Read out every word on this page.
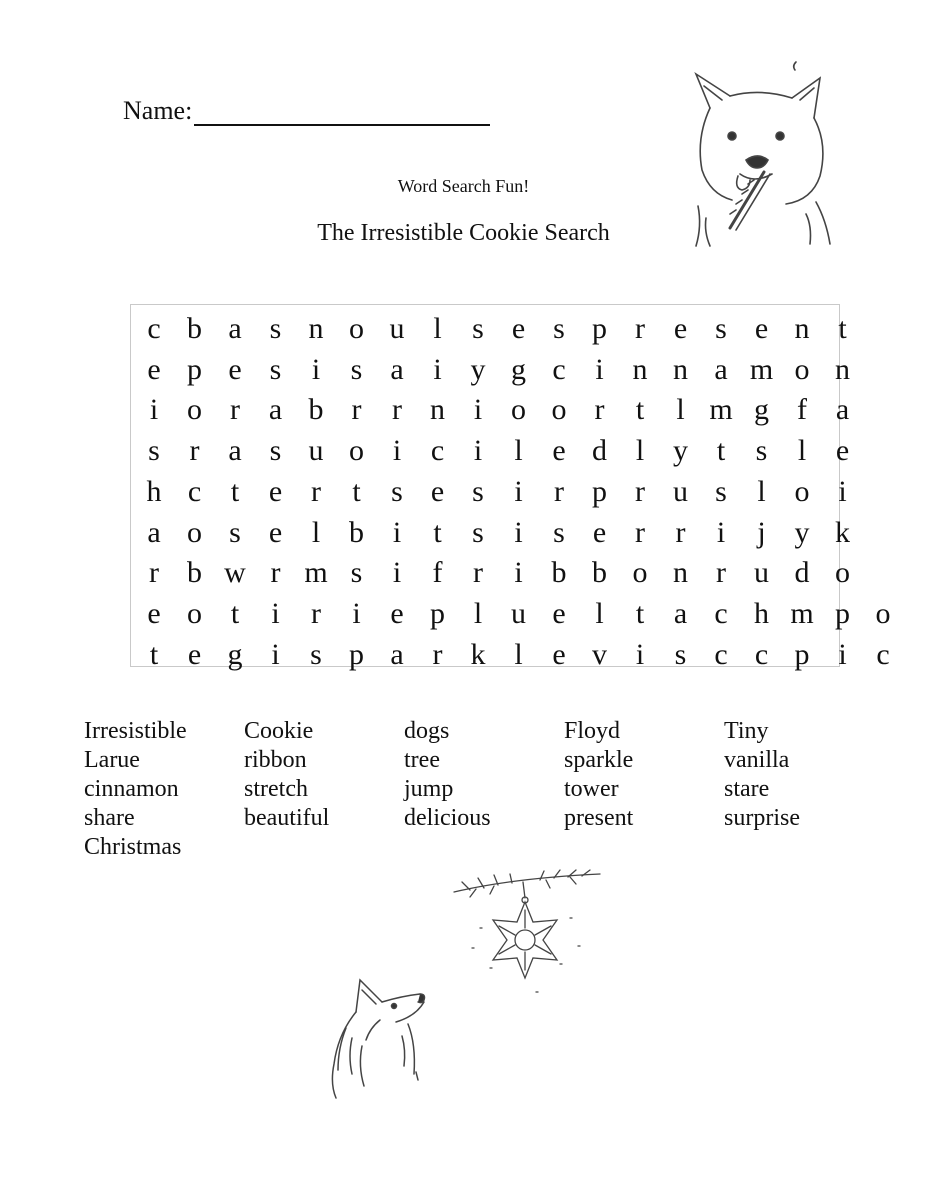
Name:
Word Search Fun!
The Irresistible Cookie Search
c b a s n o u l	s e s p r e s e n t
e p e s	i	s a i y g c i n n a m o n
i o r a b r	r n i o o r	t	l m g f a
s r a s u o i c i	l e d l y t	s	l e
h c t e r	t	s e s	i	r p r u s	l o i
a o s e l b i	t	s	i	s e r	r	i	j y k
r b w r m s	i	f	r	i b b o n r u d o
e o t	i	r	i e p l u e l	t a c h m p o
t e g i	s p a r k l e v i	s c c p i c
Irresistible
Larue
cinnamon
share
Christmas
Cookie
ribbon
stretch
beautiful
dogs
tree
jump
delicious
Floyd
sparkle
tower
present
Tiny
vanilla
stare
surprise
